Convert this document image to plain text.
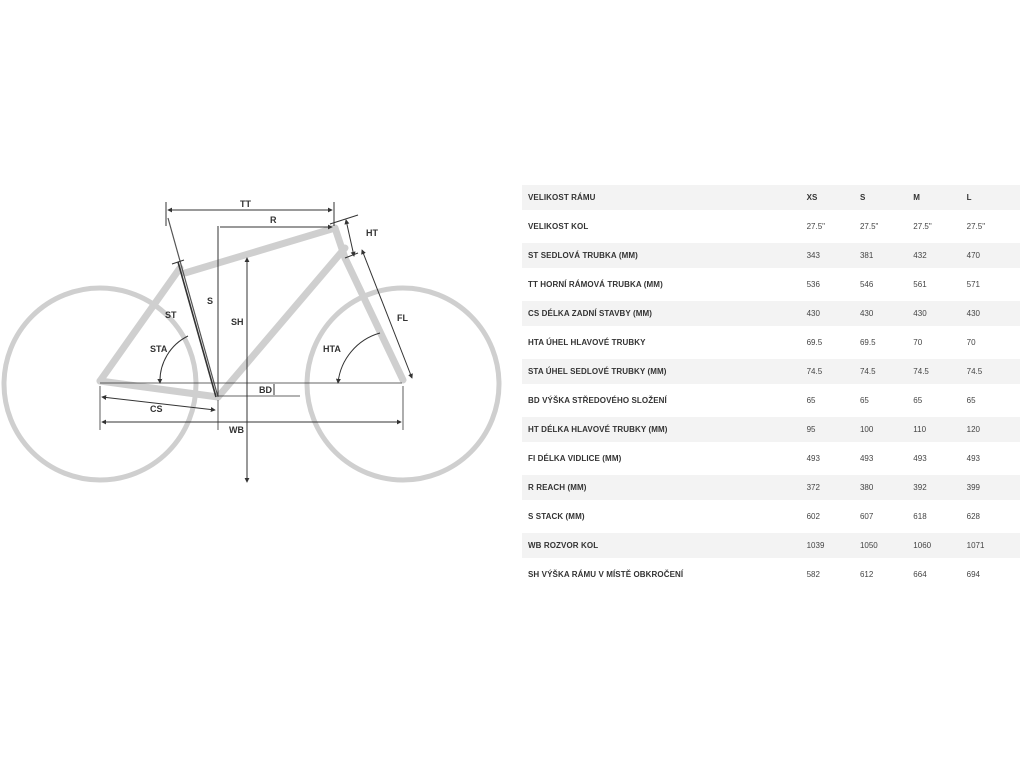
TT
R
HT
S
SH
ST
STA
FL
HTA
BD
CS
WB
VELIKOST RÁMU	XS	S	M	L
VELIKOST KOL	27.5"	27.5"	27.5"	27.5"
ST SEDLOVÁ TRUBKA (MM)	343	381	432	470
TT HORNÍ RÁMOVÁ TRUBKA (MM)	536	546	561	571
CS DÉLKA ZADNÍ STAVBY (MM)	430	430	430	430
HTA ÚHEL HLAVOVÉ TRUBKY	69.5	69.5	70	70
STA ÚHEL SEDLOVÉ TRUBKY (MM)	74.5	74.5	74.5	74.5
BD VÝŠKA STŘEDOVÉHO SLOŽENÍ	65	65	65	65
HT DÉLKA HLAVOVÉ TRUBKY (MM)	95	100	110	120
FI DÉLKA VIDLICE (MM)	493	493	493	493
R REACH (MM)	372	380	392	399
S STACK (MM)	602	607	618	628
WB ROZVOR KOL	1039	1050	1060	1071
SH VÝŠKA RÁMU V MÍSTĚ OBKROČENÍ	582	612	664	694
